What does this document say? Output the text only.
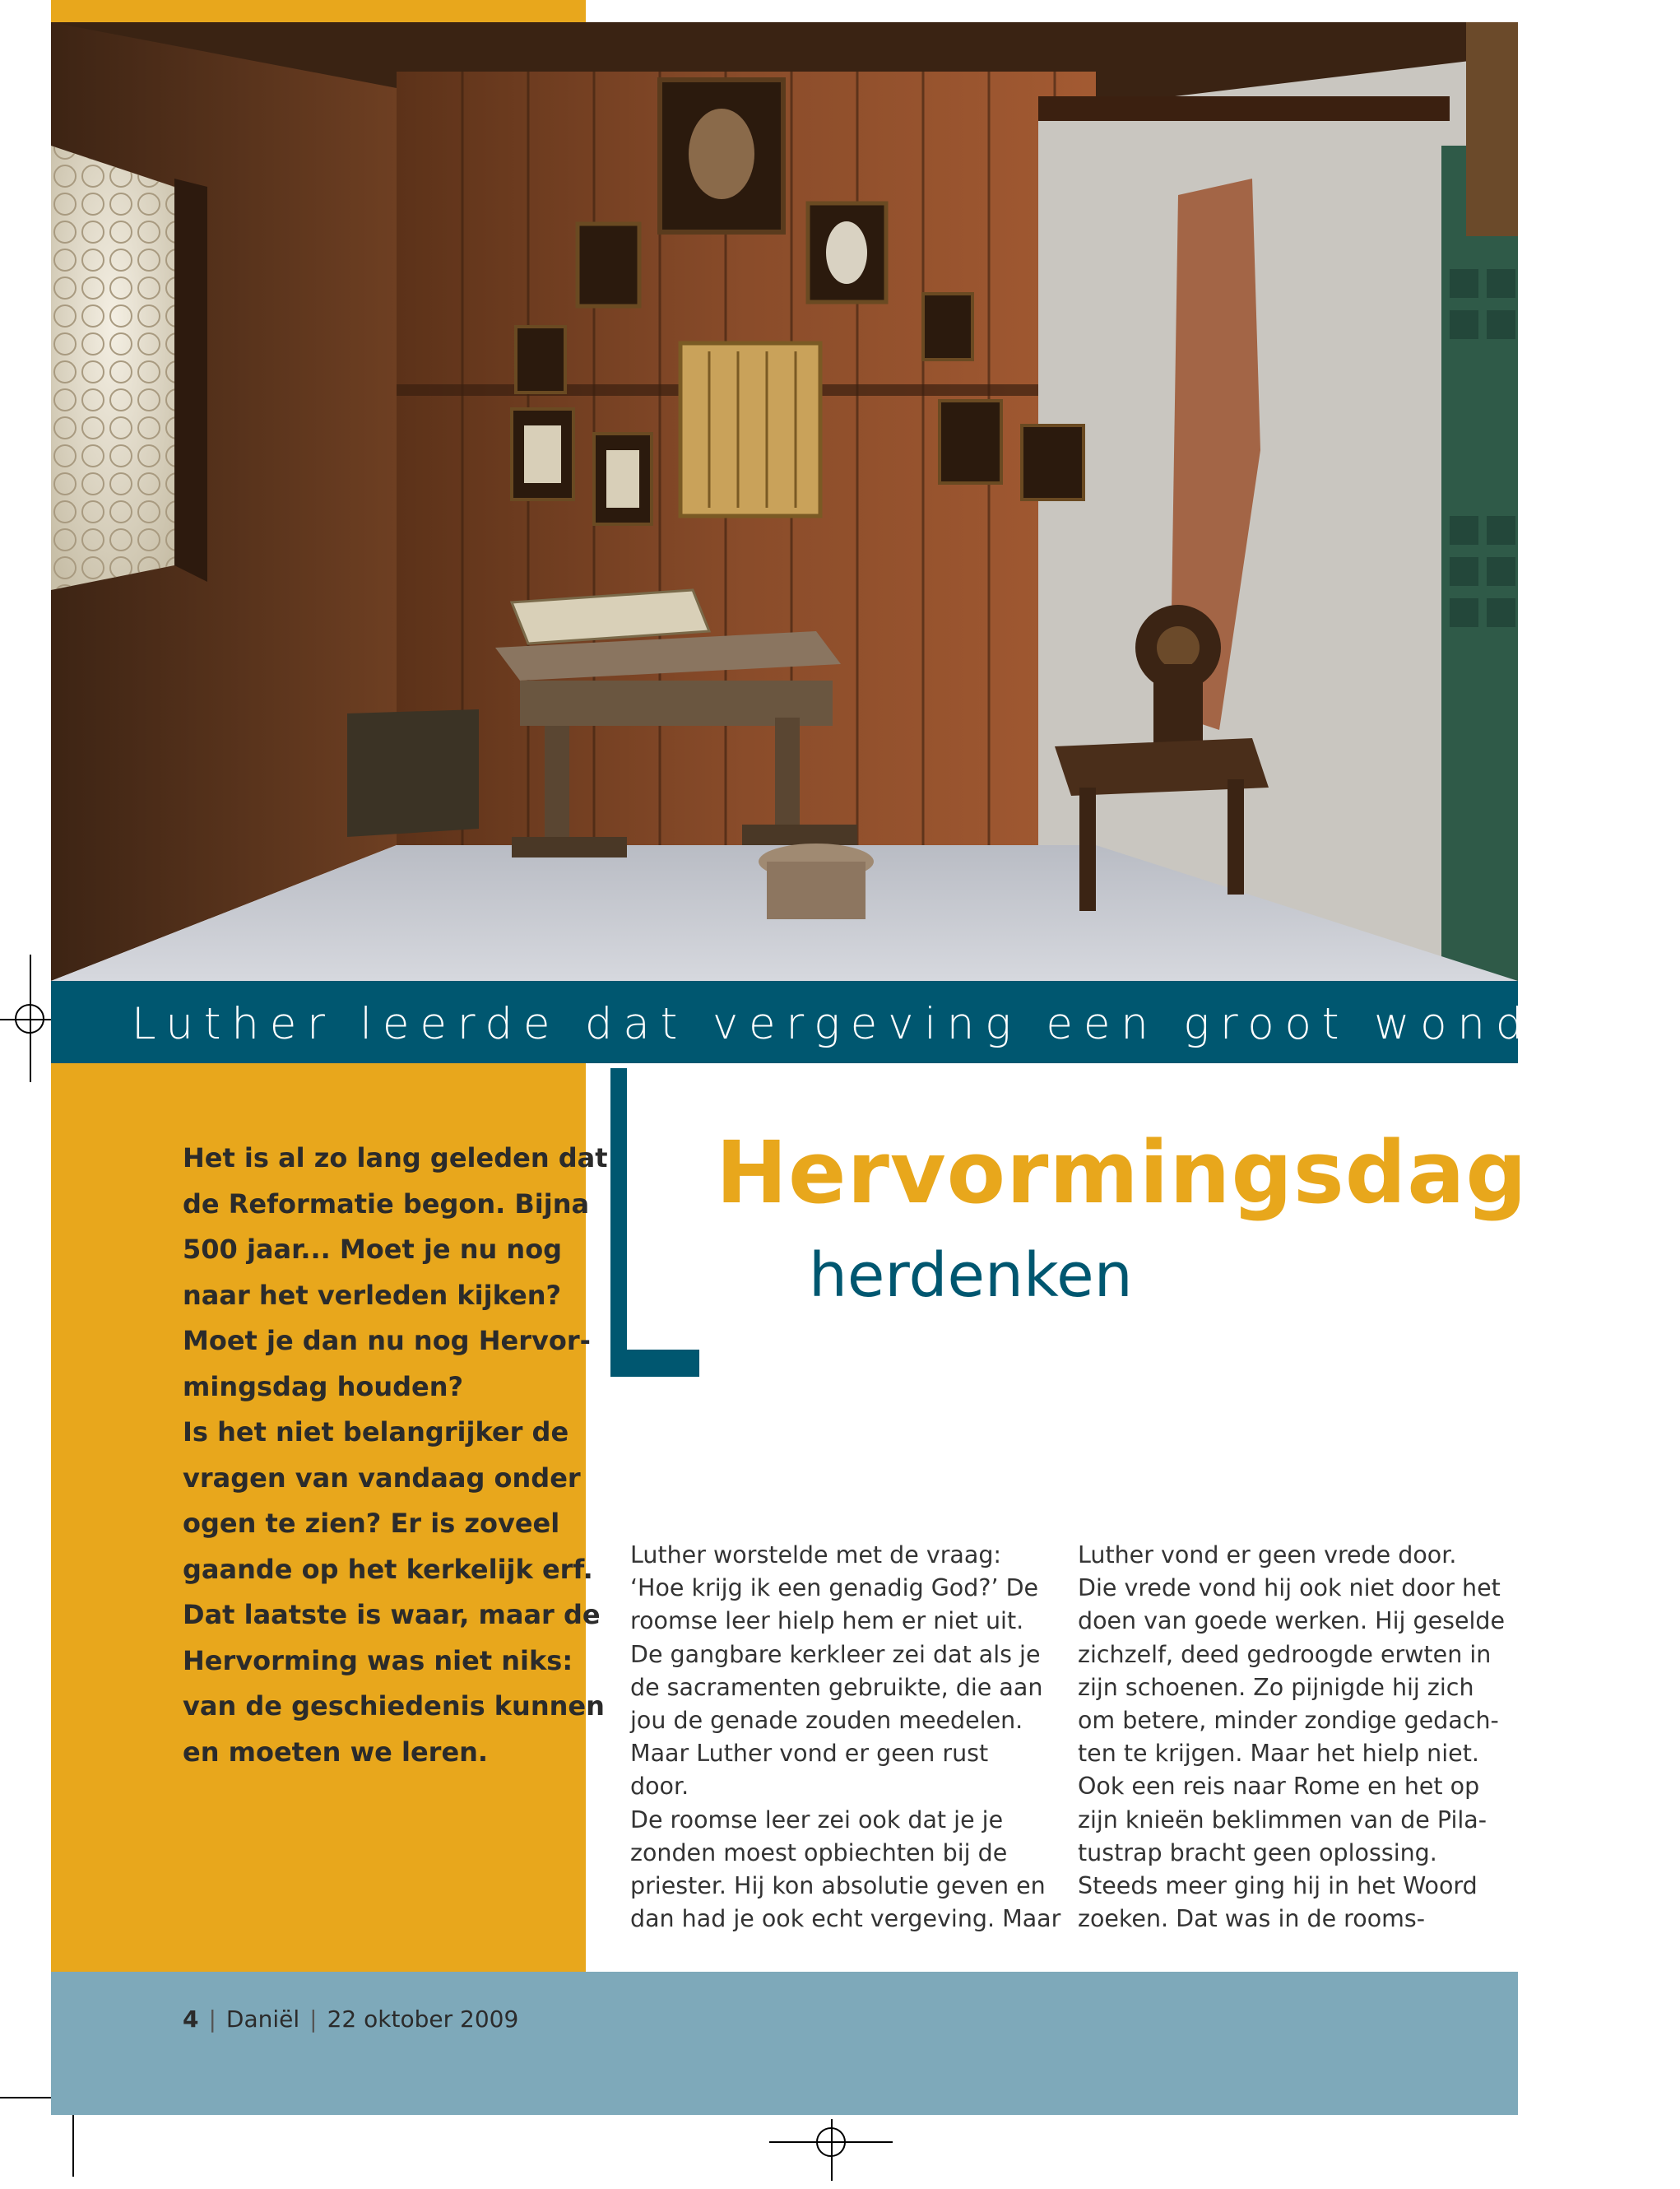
Luther leerde dat vergeving een groot wonder is
Hervormingsdag
herdenken
Het is al zo lang geleden dat
de Reformatie begon. Bijna
500 jaar... Moet je nu nog
naar het verleden kijken?
Moet je dan nu nog Hervor-
mingsdag houden?
Is het niet belangrijker de
vragen van vandaag onder
ogen te zien? Er is zoveel
gaande op het kerkelijk erf.
Dat laatste is waar, maar de
Hervorming was niet niks:
van de geschiedenis kunnen
en moeten we leren.
Luther worstelde met de vraag:
‘Hoe krijg ik een genadig God?’ De
roomse leer hielp hem er niet uit.
De gangbare kerkleer zei dat als je
de sacramenten gebruikte, die aan
jou de genade zouden meedelen.
Maar Luther vond er geen rust
door.
De roomse leer zei ook dat je je
zonden moest opbiechten bij de
priester. Hij kon absolutie geven en
dan had je ook echt vergeving. Maar
Luther vond er geen vrede door.
Die vrede vond hij ook niet door het
doen van goede werken. Hij geselde
zichzelf, deed gedroogde erwten in
zijn schoenen. Zo pijnigde hij zich
om betere, minder zondige gedach-
ten te krijgen. Maar het hielp niet.
Ook een reis naar Rome en het op
zijn knieën beklimmen van de Pila-
tustrap bracht geen oplossing.
Steeds meer ging hij in het Woord
zoeken. Dat was in de rooms-
4 | Daniël | 22 oktober 2009
